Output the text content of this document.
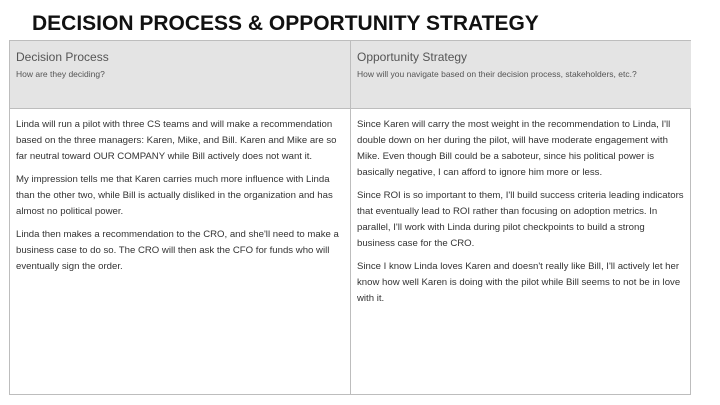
DECISION PROCESS & OPPORTUNITY STRATEGY
Decision Process
How are they deciding?
Opportunity Strategy
How will you navigate based on their decision process, stakeholders, etc.?

Linda will run a pilot with three CS teams and will make a recommendation based on the three managers: Karen, Mike, and Bill. Karen and Mike are so far neutral toward OUR COMPANY while Bill actively does not want it.

My impression tells me that Karen carries much more influence with Linda than the other two, while Bill is actually disliked in the organization and has almost no political power.

Linda then makes a recommendation to the CRO, and she'll need to make a business case to do so. The CRO will then ask the CFO for funds who will eventually sign the order.

Since Karen will carry the most weight in the recommendation to Linda, I'll double down on her during the pilot, will have moderate engagement with Mike. Even though Bill could be a saboteur, since his political power is basically negative, I can afford to ignore him more or less.

Since ROI is so important to them, I'll build success criteria leading indicators that eventually lead to ROI rather than focusing on adoption metrics. In parallel, I'll work with Linda during pilot checkpoints to build a strong business case for the CRO.

Since I know Linda loves Karen and doesn't really like Bill, I'll actively let her know how well Karen is doing with the pilot while Bill seems to not be in love with it.
